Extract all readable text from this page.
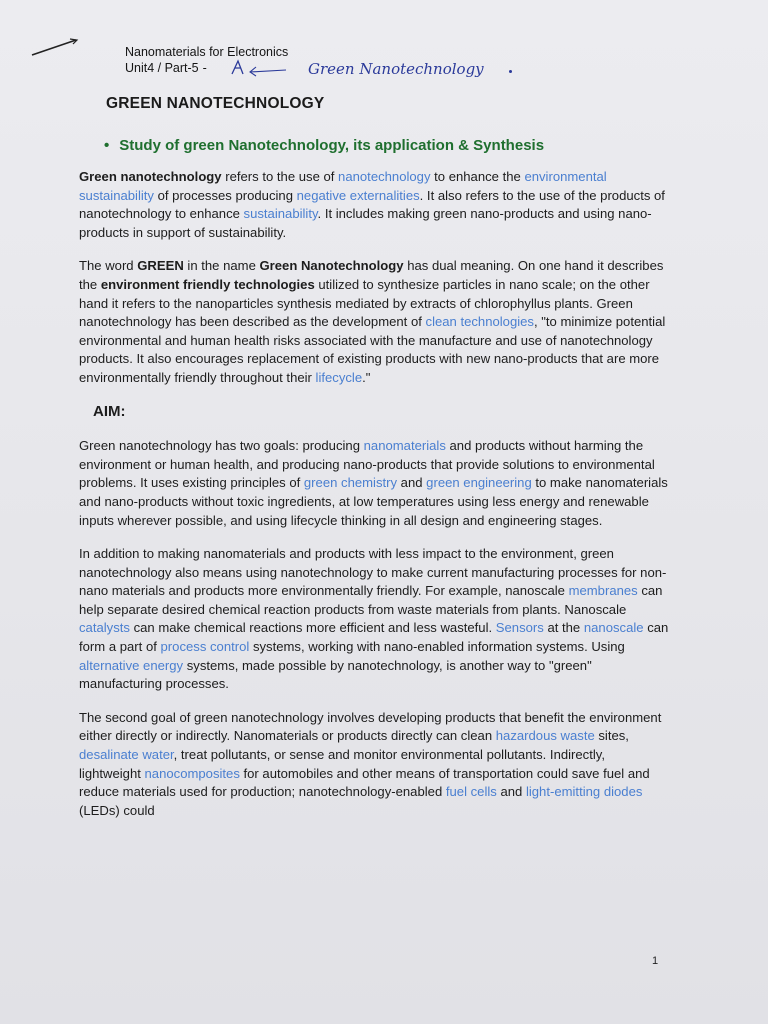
Nanomaterials for Electronics
Unit4 / Part-5 -	Green Nanotechnology
GREEN NANOTECHNOLOGY
• Study of green Nanotechnology, its application & Synthesis

Green nanotechnology refers to the use of nanotechnology to enhance the environmental sustainability of processes producing negative externalities. It also refers to the use of the products of nanotechnology to enhance sustainability. It includes making green nano-products and using nano-products in support of sustainability.

The word GREEN in the name Green Nanotechnology has dual meaning. On one hand it describes the environment friendly technologies utilized to synthesize particles in nano scale; on the other hand it refers to the nanoparticles synthesis mediated by extracts of chlorophyllus plants. Green nanotechnology has been described as the development of clean technologies, "to minimize potential environmental and human health risks associated with the manufacture and use of nanotechnology products. It also encourages replacement of existing products with new nano-products that are more environmentally friendly throughout their lifecycle."

AIM:

Green nanotechnology has two goals: producing nanomaterials and products without harming the environment or human health, and producing nano-products that provide solutions to environmental problems. It uses existing principles of green chemistry and green engineering to make nanomaterials and nano-products without toxic ingredients, at low temperatures using less energy and renewable inputs wherever possible, and using lifecycle thinking in all design and engineering stages.

In addition to making nanomaterials and products with less impact to the environment, green nanotechnology also means using nanotechnology to make current manufacturing processes for non-nano materials and products more environmentally friendly. For example, nanoscale membranes can help separate desired chemical reaction products from waste materials from plants. Nanoscale catalysts can make chemical reactions more efficient and less wasteful. Sensors at the nanoscale can form a part of process control systems, working with nano-enabled information systems. Using alternative energy systems, made possible by nanotechnology, is another way to "green" manufacturing processes.

The second goal of green nanotechnology involves developing products that benefit the environment either directly or indirectly. Nanomaterials or products directly can clean hazardous waste sites, desalinate water, treat pollutants, or sense and monitor environmental pollutants. Indirectly, lightweight nanocomposites for automobiles and other means of transportation could save fuel and reduce materials used for production; nanotechnology-enabled fuel cells and light-emitting diodes (LEDs) could

1
